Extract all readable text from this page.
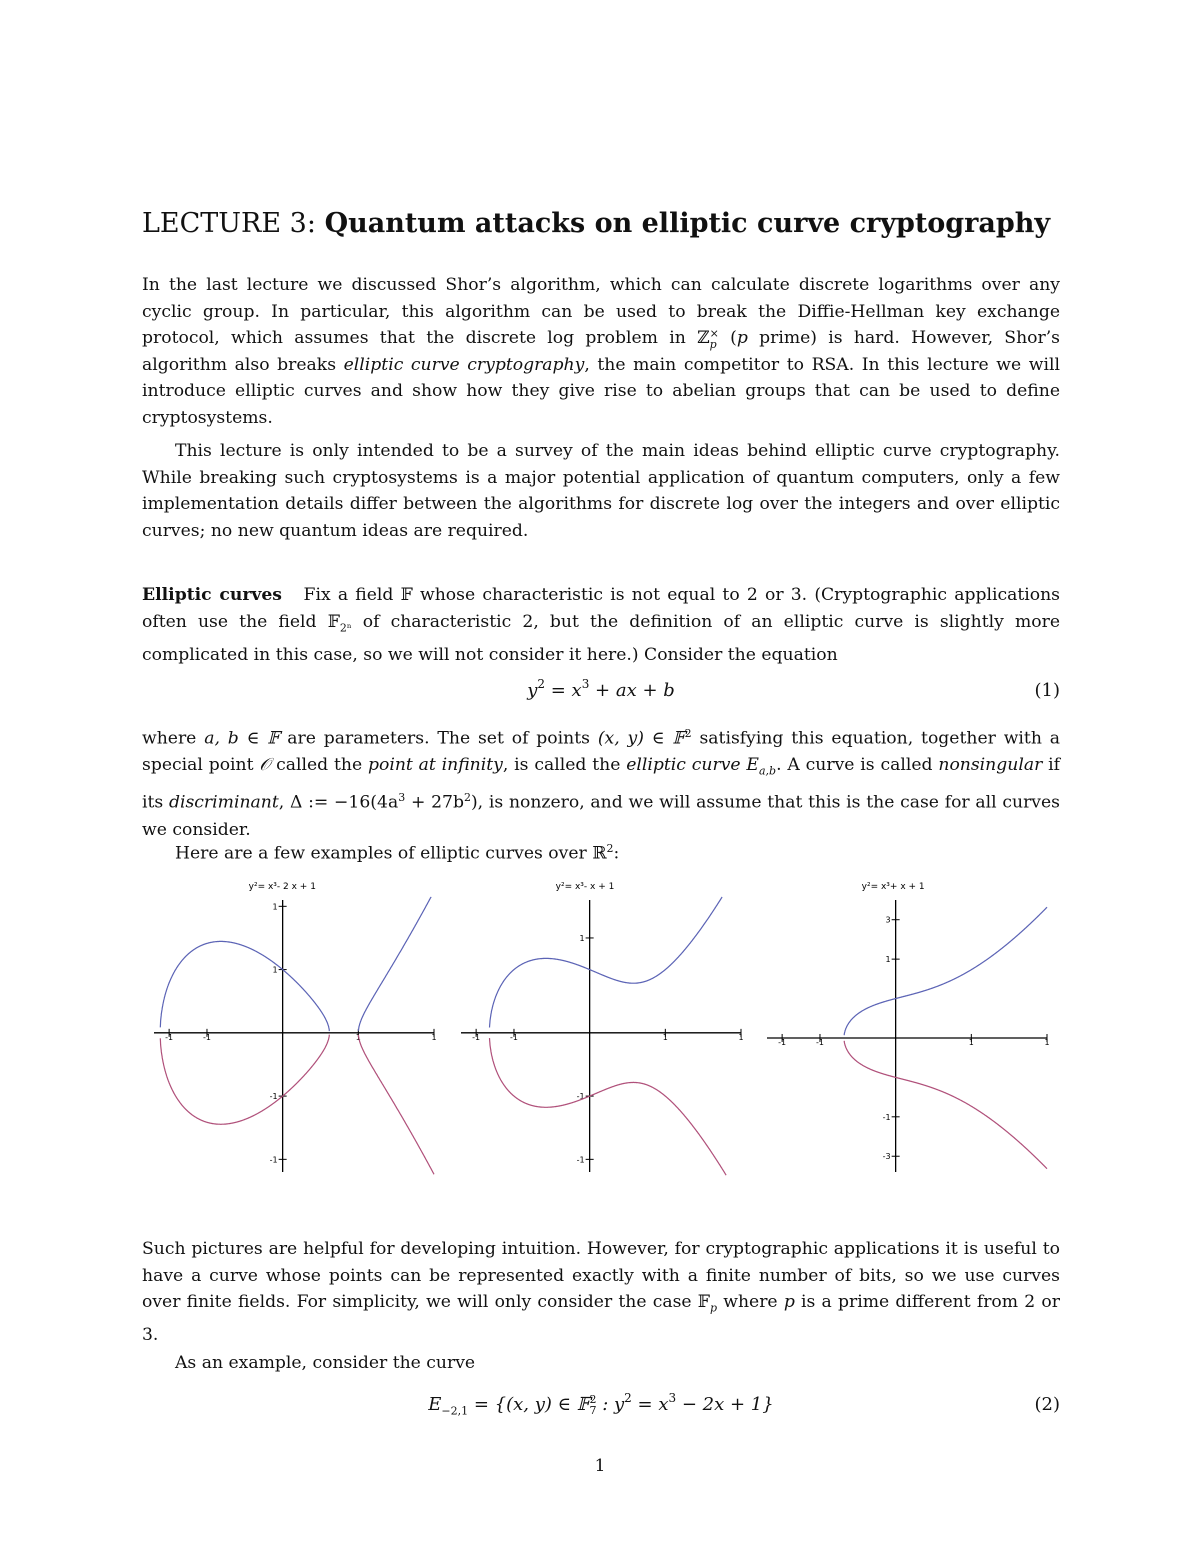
LECTURE 3: Quantum attacks on elliptic curve cryptography
In the last lecture we discussed Shor’s algorithm, which can calculate discrete logarithms over any cyclic group. In particular, this algorithm can be used to break the Diffie-Hellman key exchange protocol, which assumes that the discrete log problem in ℤ ×
p (p prime) is hard. However, Shor’s algorithm also breaks elliptic curve cryptography, the main competitor to RSA. In this lecture we will introduce elliptic curves and show how they give rise to abelian groups that can be used to define cryptosystems.
This lecture is only intended to be a survey of the main ideas behind elliptic curve cryptography. While breaking such cryptosystems is a major potential application of quantum computers, only a few implementation details differ between the algorithms for discrete log over the integers and over elliptic curves; no new quantum ideas are required.
Elliptic curves Fix a field 𝔽 whose characteristic is not equal to 2 or 3. (Cryptographic applications often use the field 𝔽$_{2^n}$ of characteristic 2, but the definition of an elliptic curve is slightly more complicated in this case, so we will not consider it here.) Consider the equation
$y^2 = x^3$ + ax + b	(1)
where a, b ∈ 𝔽 are parameters. The set of points (x, y) ∈ 𝔽$^2$ satisfying this equation, together with a special point 𝒪 called the point at infinity, is called the elliptic curve $E_{a,b}$. A curve is called nonsingular if its discriminant, Δ := $-16(4a^3 + 27b^2)$, is nonzero, and we will assume that this is the case for all curves we consider.
Here are a few examples of elliptic curves over ℝ$^2$:
-1	-1	1	1
1
1
-1
-1
y²= x³- 2 x + 1
-1	-1	1	1
1
-1
-1
y²= x³- x + 1
-1	-1	1	1
3
1
-1
-3
y²= x³+ x + 1
Such pictures are helpful for developing intuition. However, for cryptographic applications it is useful to have a curve whose points can be represented exactly with a finite number of bits, so we use curves over finite fields. For simplicity, we will only consider the case 𝔽$_p$ where p is a prime different from 2 or 3.
As an example, consider the curve
$E_{-2,1} = \{(x$, y) ∈ 𝔽 2
7 : $y^2 = x^3 - 2x + 1$}	(2)
1
